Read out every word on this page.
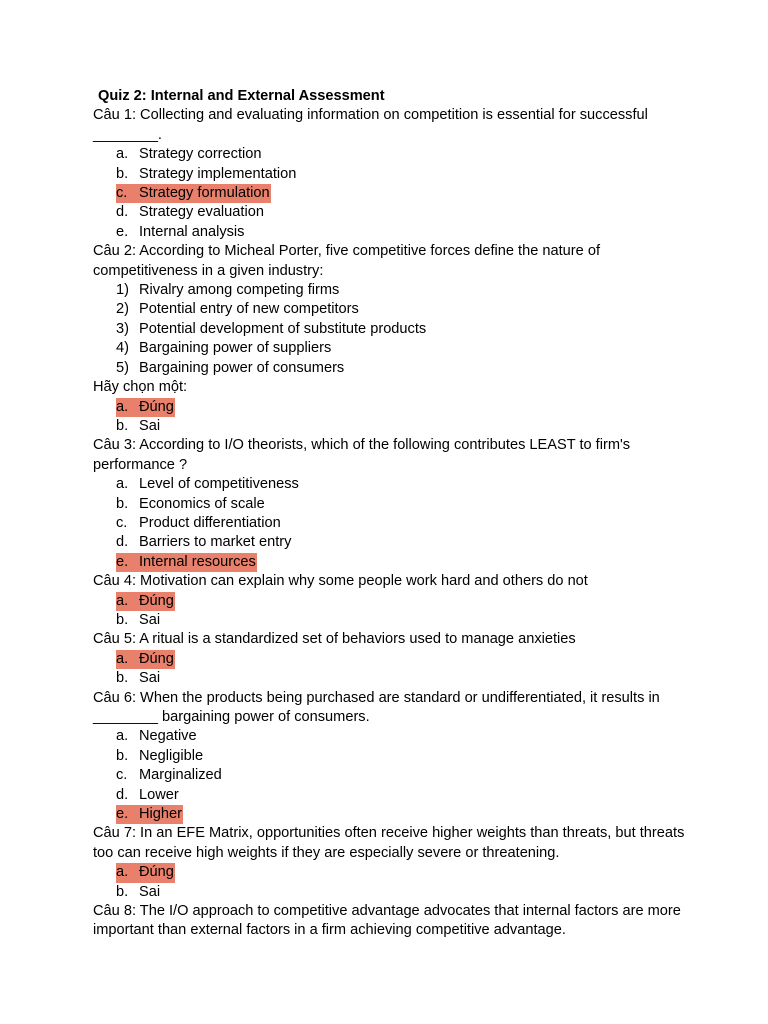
Quiz 2: Internal and External Assessment

Câu 1: Collecting and evaluating information on competition is essential for successful ________.

a. Strategy correction
b. Strategy implementation
c. Strategy formulation
d. Strategy evaluation
e. Internal analysis

Câu 2: According to Micheal Porter, five competitive forces define the nature of competitiveness in a given industry:

1) Rivalry among competing firms
2) Potential entry of new competitors
3) Potential development of substitute products
4) Bargaining power of suppliers
5) Bargaining power of consumers
Hãy chọn một:
a. Đúng
b. Sai

Câu 3: According to I/O theorists, which of the following contributes LEAST to firm's performance ?

a. Level of competitiveness
b. Economics of scale
c. Product differentiation
d. Barriers to market entry
e. Internal resources

Câu 4: Motivation can explain why some people work hard and others do not

a. Đúng
b. Sai

Câu 5: A ritual is a standardized set of behaviors used to manage anxieties

a. Đúng
b. Sai

Câu 6: When the products being purchased are standard or undifferentiated, it results in ________ bargaining power of consumers.

a. Negative
b. Negligible
c. Marginalized
d. Lower
e. Higher

Câu 7: In an EFE Matrix, opportunities often receive higher weights than threats, but threats too can receive high weights if they are especially severe or threatening.

a. Đúng
b. Sai

Câu 8: The I/O approach to competitive advantage advocates that internal factors are more important than external factors in a firm achieving competitive advantage.
